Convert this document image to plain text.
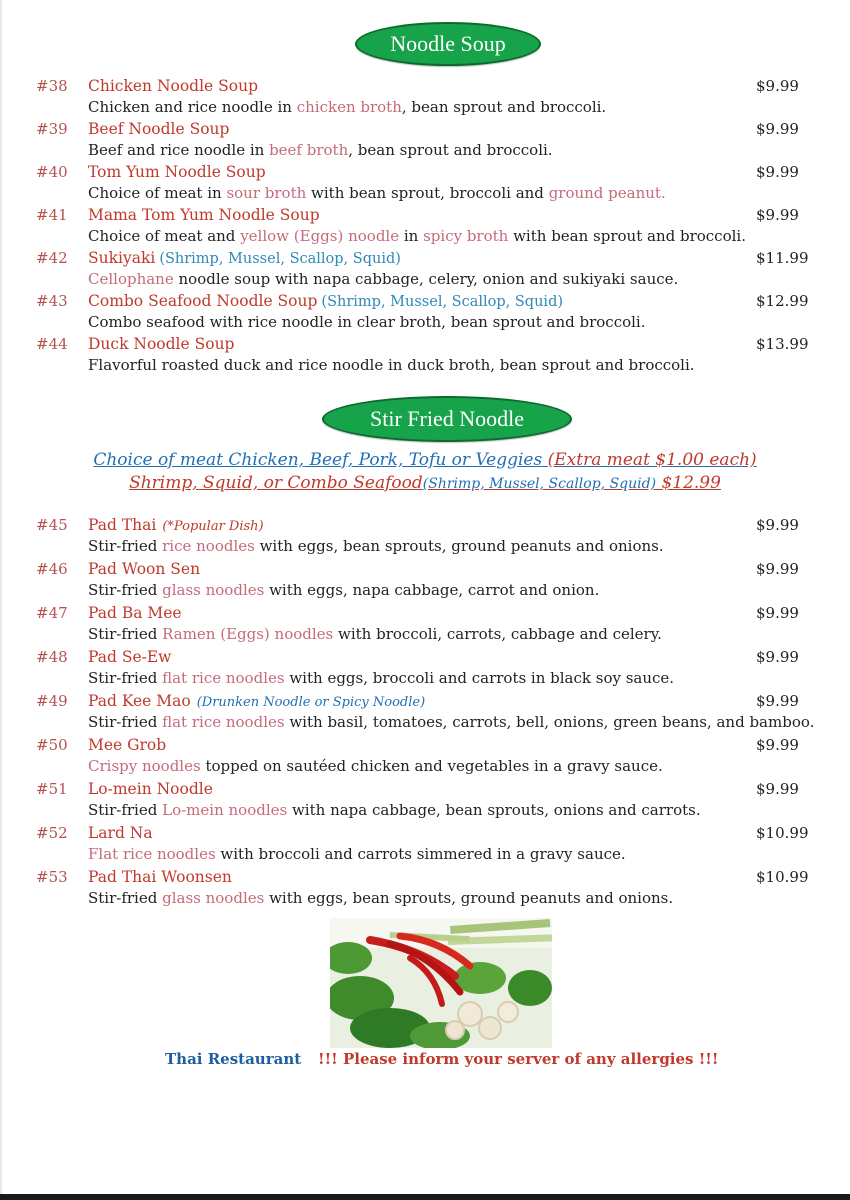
Noodle Soup
#38 Chicken Noodle Soup	$9.99
Chicken and rice noodle in chicken broth, bean sprout and broccoli.
#39 Beef Noodle Soup	$9.99
Beef and rice noodle in beef broth, bean sprout and broccoli.
#40 Tom Yum Noodle Soup	$9.99
Choice of meat in sour broth with bean sprout, broccoli and ground peanut.
#41 Mama Tom Yum Noodle Soup	$9.99
Choice of meat and yellow (Eggs) noodle in spicy broth with bean sprout and broccoli.
#42 Sukiyaki (Shrimp, Mussel, Scallop, Squid)	$11.99
Cellophane noodle soup with napa cabbage, celery, onion and sukiyaki sauce.
#43 Combo Seafood Noodle Soup (Shrimp, Mussel, Scallop, Squid)	$12.99
Combo seafood with rice noodle in clear broth, bean sprout and broccoli.
#44 Duck Noodle Soup	$13.99
Flavorful roasted duck and rice noodle in duck broth, bean sprout and broccoli.
Stir Fried Noodle
Choice of meat Chicken, Beef, Pork, Tofu or Veggies (Extra meat $1.00 each)
Shrimp, Squid, or Combo Seafood(Shrimp, Mussel, Scallop, Squid) $12.99
#45 Pad Thai (*Popular Dish)	$9.99
Stir-fried rice noodles with eggs, bean sprouts, ground peanuts and onions.
#46 Pad Woon Sen	$9.99
Stir-fried glass noodles with eggs, napa cabbage, carrot and onion.
#47 Pad Ba Mee	$9.99
Stir-fried Ramen (Eggs) noodles with broccoli, carrots, cabbage and celery.
#48 Pad Se-Ew	$9.99
Stir-fried flat rice noodles with eggs, broccoli and carrots in black soy sauce.
#49 Pad Kee Mao (Drunken Noodle or Spicy Noodle)	$9.99
Stir-fried flat rice noodles with basil, tomatoes, carrots, bell, onions, green beans, and bamboo.
#50 Mee Grob	$9.99
Crispy noodles topped on sautéed chicken and vegetables in a gravy sauce.
#51 Lo-mein Noodle	$9.99
Stir-fried Lo-mein noodles with napa cabbage, bean sprouts, onions and carrots.
#52 Lard Na	$10.99
Flat rice noodles with broccoli and carrots simmered in a gravy sauce.
#53 Pad Thai Woonsen	$10.99
Stir-fried glass noodles with eggs, bean sprouts, ground peanuts and onions.
Thai Restaurant !!! Please inform your server of any allergies !!!
